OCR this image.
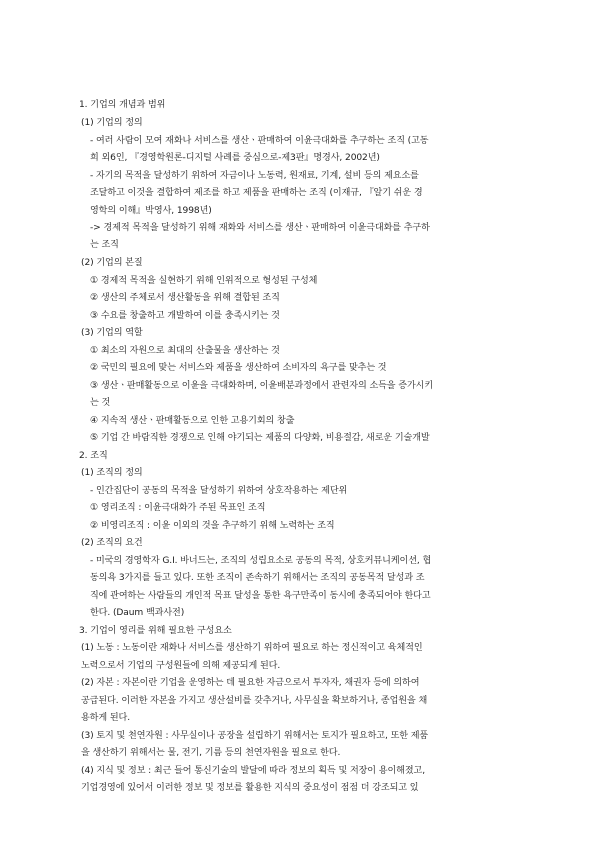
1. 기업의 개념과 범위
(1) 기업의 정의
- 여러 사람이 모여 재화나 서비스를 생산ㆍ판매하여 이윤극대화를 추구하는 조직 (고동
희 외6인, 『경영학원론-디지털 사례를 중심으로-제3판』명경사, 2002년)
- 자기의 목적을 달성하기 위하여 자금이나 노동력, 원재료, 기계, 설비 등의 제요소를
조달하고 이것을 결합하여 제조를 하고 제품을 판매하는 조직 (이재규, 『알기 쉬운 경
영학의 이해』박영사, 1998년)
-> 경제적 목적을 달성하기 위해 재화와 서비스를 생산ㆍ판매하여 이윤극대화를 추구하
는 조직
(2) 기업의 본질
① 경제적 목적을 실현하기 위해 인위적으로 형성된 구성체
② 생산의 주체로서 생산활동을 위해 결합된 조직
③ 수요를 창출하고 개발하여 이를 충족시키는 것
(3) 기업의 역할
① 최소의 자원으로 최대의 산출물을 생산하는 것
② 국민의 필요에 맞는 서비스와 제품을 생산하여 소비자의 욕구를 맞추는 것
③ 생산ㆍ판매활동으로 이윤을 극대화하며, 이윤배분과정에서 관련자의 소득을 증가시키
는 것
④ 지속적 생산ㆍ판매활동으로 인한 고용기회의 창출
⑤ 기업 간 바람직한 경쟁으로 인해 야기되는 제품의 다양화, 비용절감, 새로운 기술개발
2. 조직
(1) 조직의 정의
- 인간집단이 공동의 목적을 달성하기 위하여 상호작용하는 제단위
① 영리조직 : 이윤극대화가 주된 목표인 조직
② 비영리조직 : 이윤 이외의 것을 추구하기 위해 노력하는 조직
(2) 조직의 요건
- 미국의 경영학자 G.I. 바너드는, 조직의 성립요소로 공동의 목적, 상호커뮤니케이션, 협
동의욕 3가지를 들고 있다. 또한 조직이 존속하기 위해서는 조직의 공동목적 달성과 조
직에 관여하는 사람들의 개인적 목표 달성을 통한 욕구만족이 동시에 충족되어야 한다고
한다. (Daum 백과사전)
3. 기업이 영리를 위해 필요한 구성요소
(1) 노동 : 노동이란 재화나 서비스를 생산하기 위하여 필요로 하는 정신적이고 육체적인
노력으로서 기업의 구성원들에 의해 제공되게 된다.
(2) 자본 : 자본이란 기업을 운영하는 데 필요한 자금으로서 투자자, 채권자 등에 의하여
공급된다. 이러한 자본을 가지고 생산설비를 갖추거나, 사무실을 확보하거나, 종업원을 채
용하게 된다.
(3) 토지 및 천연자원 : 사무실이나 공장을 설립하기 위해서는 토지가 필요하고, 또한 제품
을 생산하기 위해서는 물, 전기, 기름 등의 천연자원을 필요로 한다.
(4) 지식 및 정보 : 최근 들어 통신기술의 발달에 따라 정보의 획득 및 저장이 용이해졌고,
기업경영에 있어서 이러한 정보 및 정보를 활용한 지식의 중요성이 점점 더 강조되고 있
